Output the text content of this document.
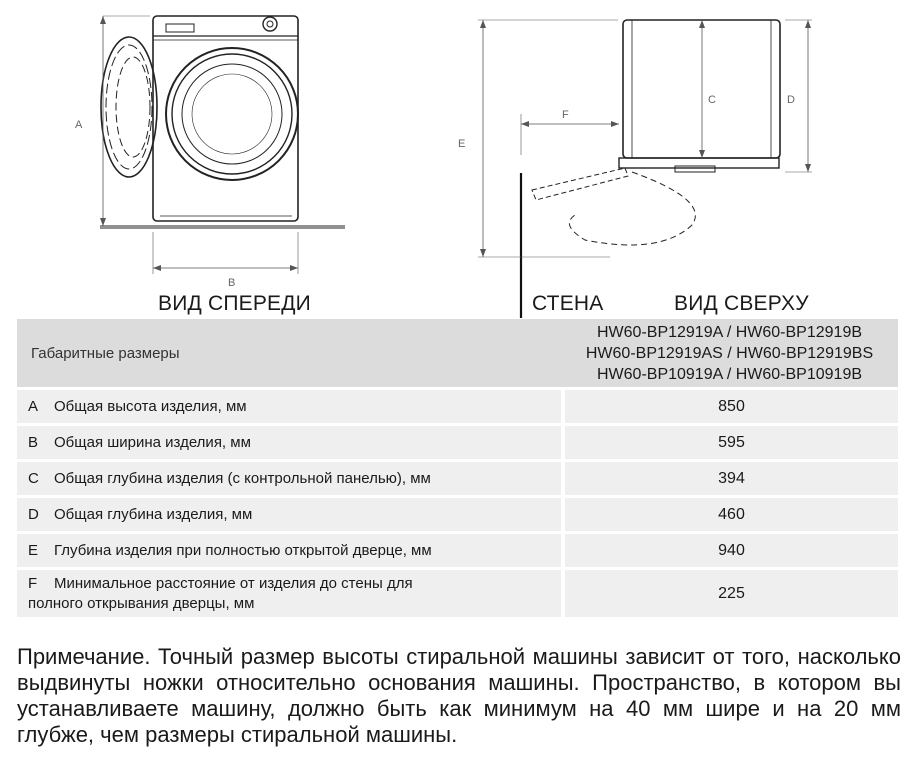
A
B
C	D
E
F
ВИД СПЕРЕДИ	СТЕНА	ВИД СВЕРХУ
Габаритные размеры	HW60-BP12919A / HW60-BP12919B
HW60-BP12919AS / HW60-BP12919BS
HW60-BP10919A / HW60-BP10919B

A Общая высота изделия, мм	850
B Общая ширина изделия, мм	595
C Общая глубина изделия (с контрольной панелью), мм	394
D Общая глубина изделия, мм	460
E Глубина изделия при полностью открытой дверце, мм	940

F Минимальное расстояние от изделия до стены для
полного открывания дверцы, мм	225
Примечание. Точный размер высоты стиральной машины зависит от того, насколько выдвинуты ножки относительно основания машины. Пространство, в котором вы устанавливаете машину, должно быть как минимум на 40 мм шире и на 20 мм глубже, чем размеры стиральной машины.
